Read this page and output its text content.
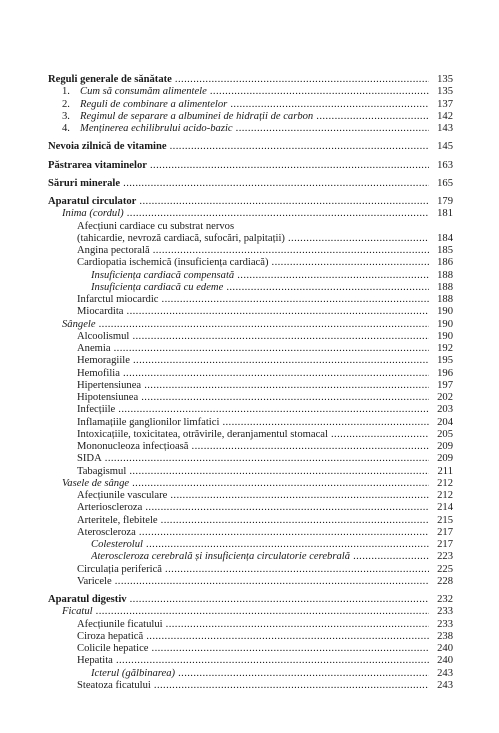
Reguli generale de sănătate .....	135
1. Cum să consumăm alimentele .....	135
2. Reguli de combinare a alimentelor .....	137
3. Regimul de separare a albuminei de hidrații de carbon .....	142
4. Menținerea echilibrului acido-bazic .....	143
Nevoia zilnică de vitamine .....	145
Păstrarea vitaminelor .....	163
Săruri minerale .....	165
Aparatul circulator .....	179
Inima (cordul) .....	181
Afecțiuni cardiace cu substrat nervos
(tahicardie, nevroză cardiacă, sufocări, palpitații) .....	184
Angina pectorală .....	185
Cardiopatia ischemică (insuficiența cardiacă) .....	186
Insuficiența cardiacă compensată .....	188
Insuficiența cardiacă cu edeme .....	188
Infarctul miocardic .....	188
Miocardita .....	190
Sângele .....	190
Alcoolismul .....	190
Anemia .....	192
Hemoragiile .....	195
Hemofilia .....	196
Hipertensiunea .....	197
Hipotensiunea .....	202
Infecțiile .....	203
Inflamațiile ganglionilor limfatici .....	204
Intoxicațiile, toxicitatea, otrăvirile, deranjamentul stomacal .....	205
Mononucleoza infecțioasă .....	209
SIDA .....	209
Tabagismul .....	211
Vasele de sânge .....	212
Afecțiunile vasculare .....	212
Arterioscleroza .....	214
Arteritele, flebitele .....	215
Ateroscleroza .....	217
Colesterolul .....	217
Ateroscleroza cerebrală și insuficiența circulatorie cerebrală .....	223
Circulația periferică .....	225
Varicele .....	228
Aparatul digestiv .....	232
Ficatul .....	233
Afecțiunile ficatului .....	233
Ciroza hepatică .....	238
Colicile hepatice .....	240
Hepatita .....	240
Icterul (gălbinarea) .....	243
Steatoza ficatului .....	243
